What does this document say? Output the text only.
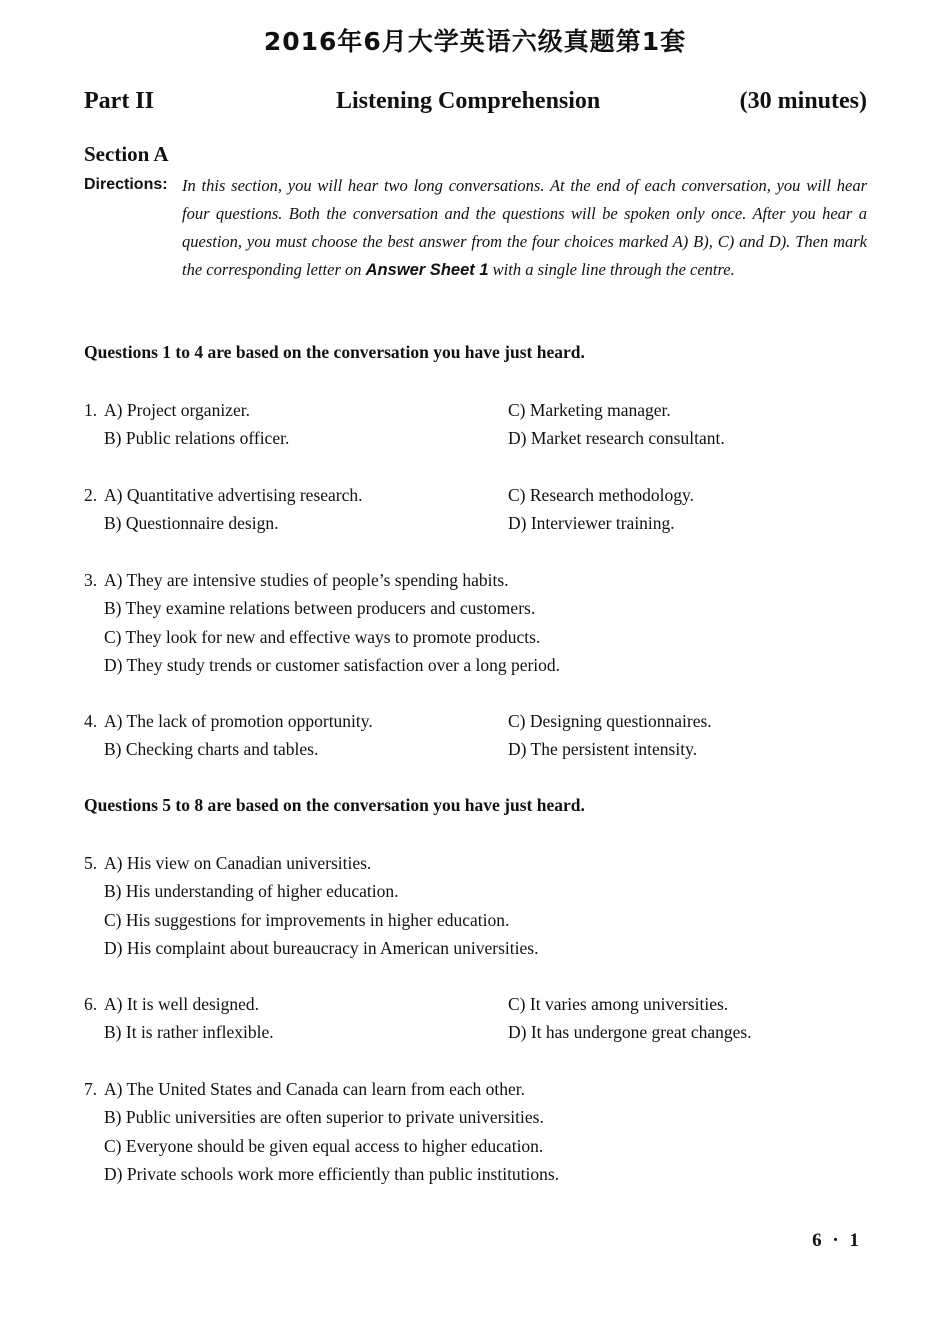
2016年6月大学英语六级真题第1套
Part II	Listening Comprehension	(30 minutes)
Section A
Directions: In this section, you will hear two long conversations. At the end of each conversation, you will hear four questions. Both the conversation and the questions will be spoken only once. After you hear a question, you must choose the best answer from the four choices marked A) B), C) and D). Then mark the corresponding letter on Answer Sheet 1 with a single line through the centre.
Questions 1 to 4 are based on the conversation you have just heard.
1. A) Project organizer.	C) Marketing manager.
B) Public relations officer.	D) Market research consultant.
2. A) Quantitative advertising research.	C) Research methodology.
B) Questionnaire design.	D) Interviewer training.
3. A) They are intensive studies of people’s spending habits.
B) They examine relations between producers and customers.
C) They look for new and effective ways to promote products.
D) They study trends or customer satisfaction over a long period.
4. A) The lack of promotion opportunity.	C) Designing questionnaires.
B) Checking charts and tables.	D) The persistent intensity.
Questions 5 to 8 are based on the conversation you have just heard.
5. A) His view on Canadian universities.
B) His understanding of higher education.
C) His suggestions for improvements in higher education.
D) His complaint about bureaucracy in American universities.
6. A) It is well designed.	C) It varies among universities.
B) It is rather inflexible.	D) It has undergone great changes.
7. A) The United States and Canada can learn from each other.
B) Public universities are often superior to private universities.
C) Everyone should be given equal access to higher education.
D) Private schools work more efficiently than public institutions.
6 · 1
